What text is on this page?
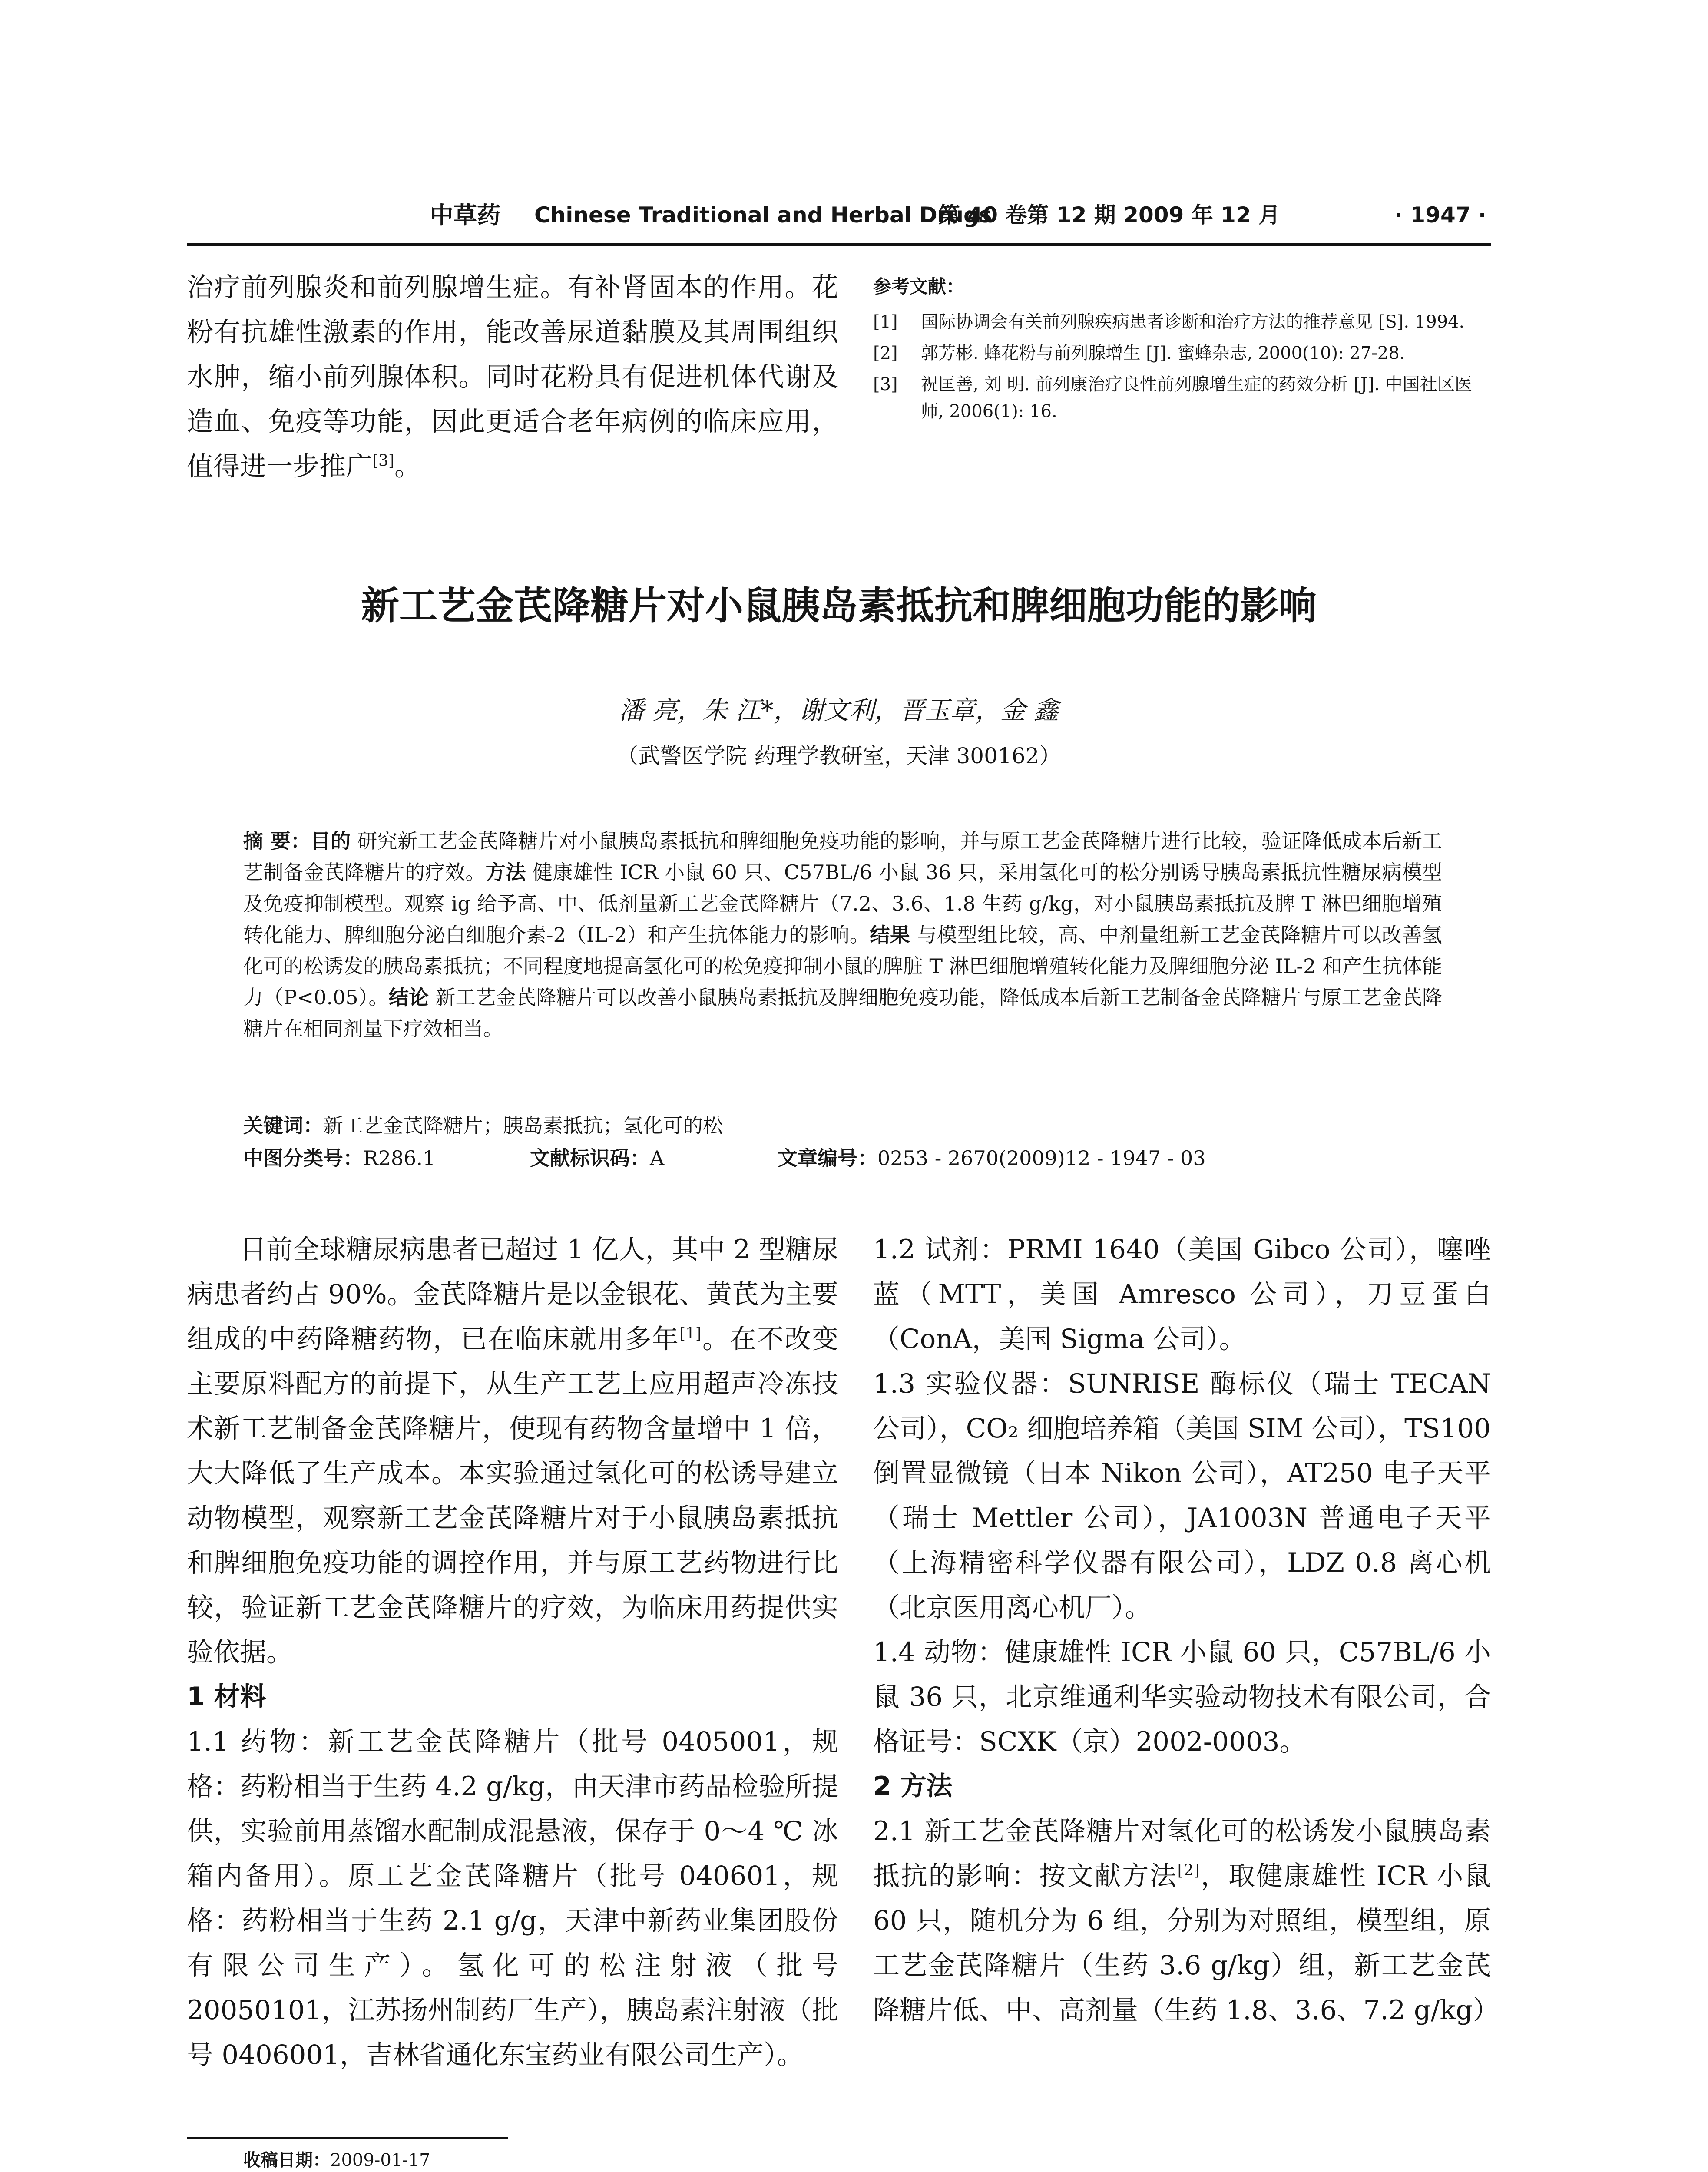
中草药 Chinese Traditional and Herbal Drugs
第 40 卷第 12 期 2009 年 12 月	· 1947 ·
治疗前列腺炎和前列腺增生症。有补肾固本的作用。花粉有抗雄性激素的作用，能改善尿道黏膜及其周围组织水肿，缩小前列腺体积。同时花粉具有促进机体代谢及造血、免疫等功能，因此更适合老年病例的临床应用，值得进一步推广[3]。
参考文献：
[1] 国际协调会有关前列腺疾病患者诊断和治疗方法的推荐意见 [S]. 1994.
[2] 郭芳彬. 蜂花粉与前列腺增生 [J]. 蜜蜂杂志, 2000(10): 27-28.
[3] 祝匡善, 刘 明. 前列康治疗良性前列腺增生症的药效分析 [J]. 中国社区医师, 2006(1): 16.
新工艺金芪降糖片对小鼠胰岛素抵抗和脾细胞功能的影响
潘 亮，朱 江*，谢文利，晋玉章，金 鑫
（武警医学院 药理学教研室，天津 300162）
摘 要：目的 研究新工艺金芪降糖片对小鼠胰岛素抵抗和脾细胞免疫功能的影响，并与原工艺金芪降糖片进行比较，验证降低成本后新工艺制备金芪降糖片的疗效。方法 健康雄性 ICR 小鼠 60 只、C57BL/6 小鼠 36 只，采用氢化可的松分别诱导胰岛素抵抗性糖尿病模型及免疫抑制模型。观察 ig 给予高、中、低剂量新工艺金芪降糖片（7.2、3.6、1.8 生药 g/kg，对小鼠胰岛素抵抗及脾 T 淋巴细胞增殖转化能力、脾细胞分泌白细胞介素-2（IL-2）和产生抗体能力的影响。结果 与模型组比较，高、中剂量组新工艺金芪降糖片可以改善氢化可的松诱发的胰岛素抵抗；不同程度地提高氢化可的松免疫抑制小鼠的脾脏 T 淋巴细胞增殖转化能力及脾细胞分泌 IL-2 和产生抗体能力（P<0.05）。结论 新工艺金芪降糖片可以改善小鼠胰岛素抵抗及脾细胞免疫功能，降低成本后新工艺制备金芪降糖片与原工艺金芪降糖片在相同剂量下疗效相当。
关键词：新工艺金芪降糖片；胰岛素抵抗；氢化可的松
中图分类号：R286.1	文献标识码：A	文章编号：0253 - 2670(2009)12 - 1947 - 03

目前全球糖尿病患者已超过 1 亿人，其中 2 型糖尿病患者约占 90%。金芪降糖片是以金银花、黄芪为主要组成的中药降糖药物，已在临床就用多年[1]。在不改变主要原料配方的前提下，从生产工艺上应用超声冷冻技术新工艺制备金芪降糖片，使现有药物含量增中 1 倍，大大降低了生产成本。本实验通过氢化可的松诱导建立动物模型，观察新工艺金芪降糖片对于小鼠胰岛素抵抗和脾细胞免疫功能的调控作用，并与原工艺药物进行比较，验证新工艺金芪降糖片的疗效，为临床用药提供实验依据。

1 材料

1.1 药物：新工艺金芪降糖片（批号 0405001，规格：药粉相当于生药 4.2 g/kg，由天津市药品检验所提供，实验前用蒸馏水配制成混悬液，保存于 0～4 ℃ 冰箱内备用）。原工艺金芪降糖片（批号 040601，规格：药粉相当于生药 2.1 g/g，天津中新药业集团股份有限公司生产）。氢化可的松注射液（批号 20050101，江苏扬州制药厂生产），胰岛素注射液（批号 0406001，吉林省通化东宝药业有限公司生产）。

1.2 试剂：PRMI 1640（美国 Gibco 公司），噻唑蓝（MTT，美国 Amresco 公司），刀豆蛋白（ConA，美国 Sigma 公司）。

1.3 实验仪器：SUNRISE 酶标仪（瑞士 TECAN 公司），CO₂ 细胞培养箱（美国 SIM 公司），TS100 倒置显微镜（日本 Nikon 公司），AT250 电子天平（瑞士 Mettler 公司），JA1003N 普通电子天平（上海精密科学仪器有限公司），LDZ 0.8 离心机（北京医用离心机厂）。

1.4 动物：健康雄性 ICR 小鼠 60 只，C57BL/6 小鼠 36 只，北京维通利华实验动物技术有限公司，合格证号：SCXK（京）2002-0003。

2 方法

2.1 新工艺金芪降糖片对氢化可的松诱发小鼠胰岛素抵抗的影响：按文献方法[2]，取健康雄性 ICR 小鼠 60 只，随机分为 6 组，分别为对照组，模型组，原工艺金芪降糖片（生药 3.6 g/kg）组，新工艺金芪降糖片低、中、高剂量（生药 1.8、3.6、7.2 g/kg）

收稿日期：2009-01-17
